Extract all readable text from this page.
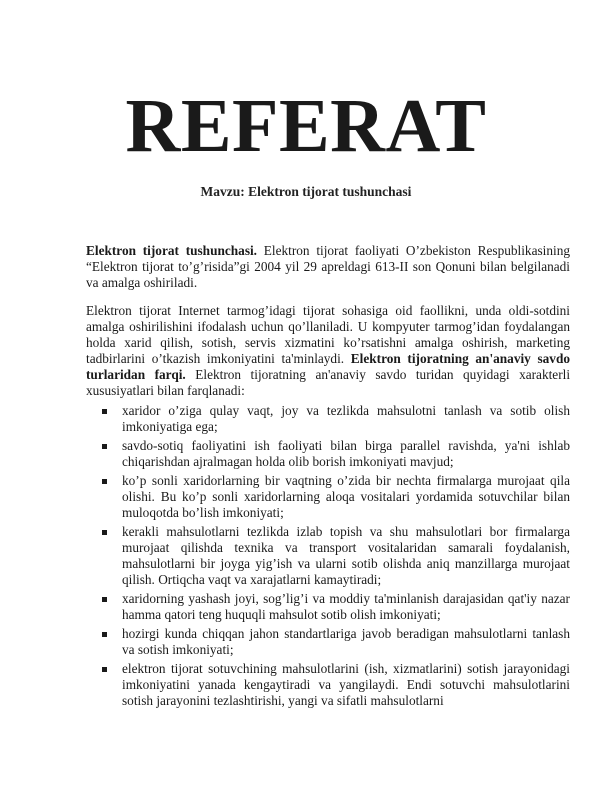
REFERAT
Mavzu: Elektron tijorat tushunchasi

Elektron tijorat tushunchasi. Elektron tijorat faoliyati O’zbekiston Respublikasining “Elektron tijorat to’g’risida”gi 2004 yil 29 apreldagi 613-II son Qonuni bilan belgilanadi va amalga oshiriladi.

Elektron tijorat Internet tarmog’idagi tijorat sohasiga oid faollikni, unda oldi-sotdini amalga oshirilishini ifodalash uchun qo’llaniladi. U kompyuter tarmog’idan foydalangan holda xarid qilish, sotish, servis xizmatini ko’rsatishni amalga oshirish, marketing tadbirlarini o’tkazish imkoniyatini ta'minlaydi. Elektron tijoratning an'anaviy savdo turlaridan farqi. Elektron tijoratning an'anaviy savdo turidan quyidagi xarakterli xususiyatlari bilan farqlanadi:

xaridor o’ziga qulay vaqt, joy va tezlikda mahsulotni tanlash va sotib olish imkoniyatiga ega;
savdo-sotiq faoliyatini ish faoliyati bilan birga parallel ravishda, ya'ni ishlab chiqarishdan ajralmagan holda olib borish imkoniyati mavjud;
ko’p sonli xaridorlarning bir vaqtning o’zida bir nechta firmalarga murojaat qila olishi. Bu ko’p sonli xaridorlarning aloqa vositalari yordamida sotuvchilar bilan muloqotda bo’lish imkoniyati;
kerakli mahsulotlarni tezlikda izlab topish va shu mahsulotlari bor firmalarga murojaat qilishda texnika va transport vositalaridan samarali foydalanish, mahsulotlarni bir joyga yig’ish va ularni sotib olishda aniq manzillarga murojaat qilish. Ortiqcha vaqt va xarajatlarni kamaytiradi;
xaridorning yashash joyi, sog’lig’i va moddiy ta'minlanish darajasidan qat'iy nazar hamma qatori teng huquqli mahsulot sotib olish imkoniyati;
hozirgi kunda chiqqan jahon standartlariga javob beradigan mahsulotlarni tanlash va sotish imkoniyati;
elektron tijorat sotuvchining mahsulotlarini (ish, xizmatlarini) sotish jarayonidagi imkoniyatini yanada kengaytiradi va yangilaydi. Endi sotuvchi mahsulotlarini sotish jarayonini tezlashtirishi, yangi va sifatli mahsulotlarni
